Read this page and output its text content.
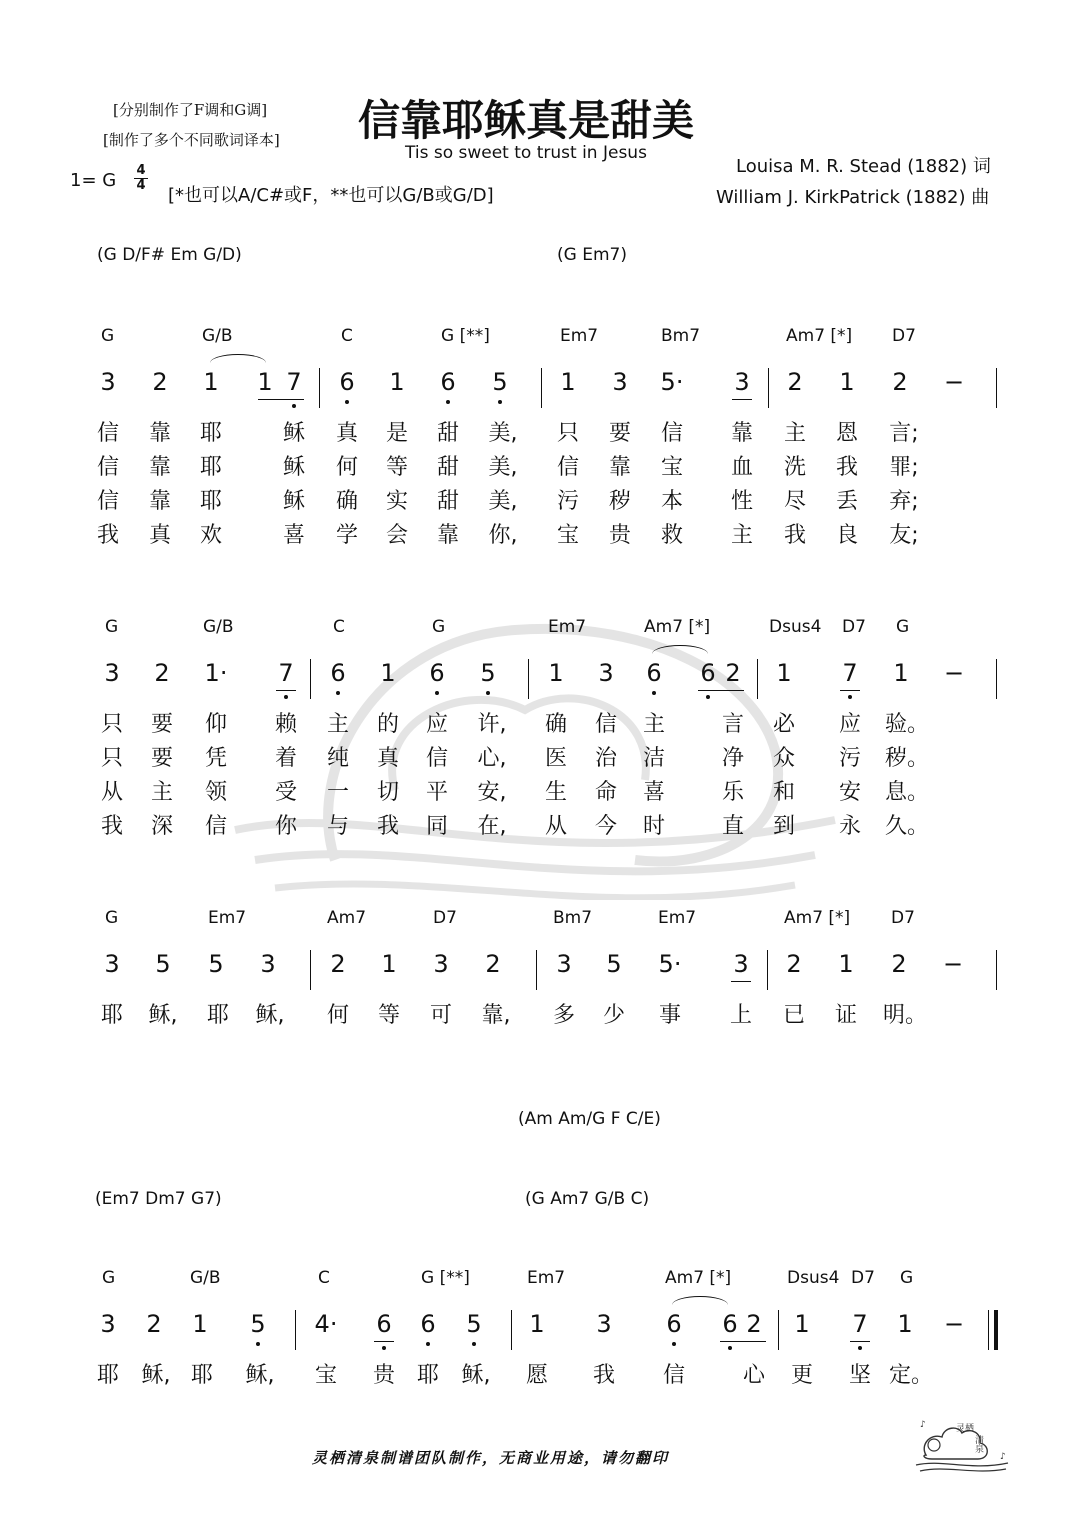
[分别制作了F调和G调]
[制作了多个不同歌词译本] 信靠耶稣真是甜美
Tis so sweet to trust in Jesus
1= G 4
4 [*也可以A/C#或F，**也可以G/B或G/D]
Louisa M. R. Stead (1882) 词
William J. KirkPatrick (1882) 曲
(G D/F# Em G/D)	(G Em7)
G	G/B	C	G [**]	Em7	Bm7	Am7 [*] D7
3	2	1	1 7	6	1	6	5	1	3	5·	3	2	1	2	−
信	靠	耶	稣	真	是	甜	美,	只	要	信	靠	主	恩	言;
信	靠	耶	稣	何	等	甜	美,	信	靠	宝	血	洗	我	罪;
信	靠	耶	稣	确	实	甜	美,	污	秽	本	性	尽	丢	弃;
我	真	欢	喜	学	会	靠	你,	宝	贵	救	主	我	良	友;
G	G/B	C	G	Em7	Am7 [*]	Dsus4 D7 G
3	2	1·	7	6	1	6	5	1	3	6	6 2	1	7	1	−
只	要	仰	赖	主	的	应	许,	确	信	主	言	必	应	验。
只	要	凭	着	纯	真	信	心,	医	治	洁	净	众	污	秽。
从	主	领	受	一	切	平	安,	生	命	喜	乐	和	安	息。
我	深	信	你	与	我	同	在,	从	今	时	直	到	永	久。
G	Em7	Am7	D7	Bm7	Em7	Am7 [*] D7
3	5	5	3	2	1	3	2	3	5	5·	3	2	1	2	−
耶	稣,	耶	稣,	何	等	可	靠,	多	少	事	上	已	证	明。
(Am Am/G F C/E)
(Em7 Dm7 G7)	(G Am7 G/B C)
G	G/B	C	G [**]	Em7	Am7 [*]	Dsus4 D7 G
3	2	1	5	4·	6	6	5	1	3	6	6 2	1	7	1	−
耶	稣, 耶	稣,	宝	贵 耶	稣,	愿	我	信	心	更	坚 定。
灵栖清泉制谱团队制作，无商业用途，请勿翻印
♪
♪
灵栖
清泉
